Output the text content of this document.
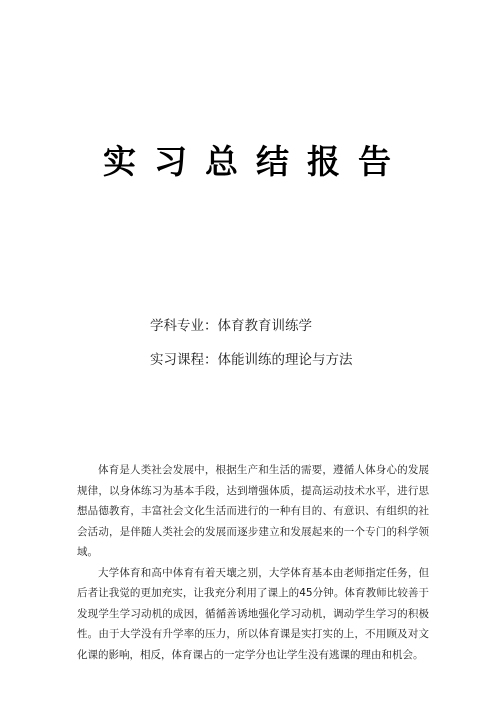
实习总结报告
学科专业：体育教育训练学
实习课程：体能训练的理论与方法

体育是人类社会发展中，根据生产和生活的需要，遵循人体身心的发展规律，以身体练习为基本手段，达到增强体质，提高运动技术水平，进行思想品德教育，丰富社会文化生活而进行的一种有目的、有意识、有组织的社会活动，是伴随人类社会的发展而逐步建立和发展起来的一个专门的科学领域。

大学体育和高中体育有着天壤之别，大学体育基本由老师指定任务，但后者让我觉的更加充实，让我充分利用了课上的45分钟。体育教师比较善于发现学生学习动机的成因，循循善诱地强化学习动机，调动学生学习的积极性。由于大学没有升学率的压力，所以体育课是实打实的上，不用顾及对文化课的影响，相反，体育课占的一定学分也让学生没有逃课的理由和机会。
